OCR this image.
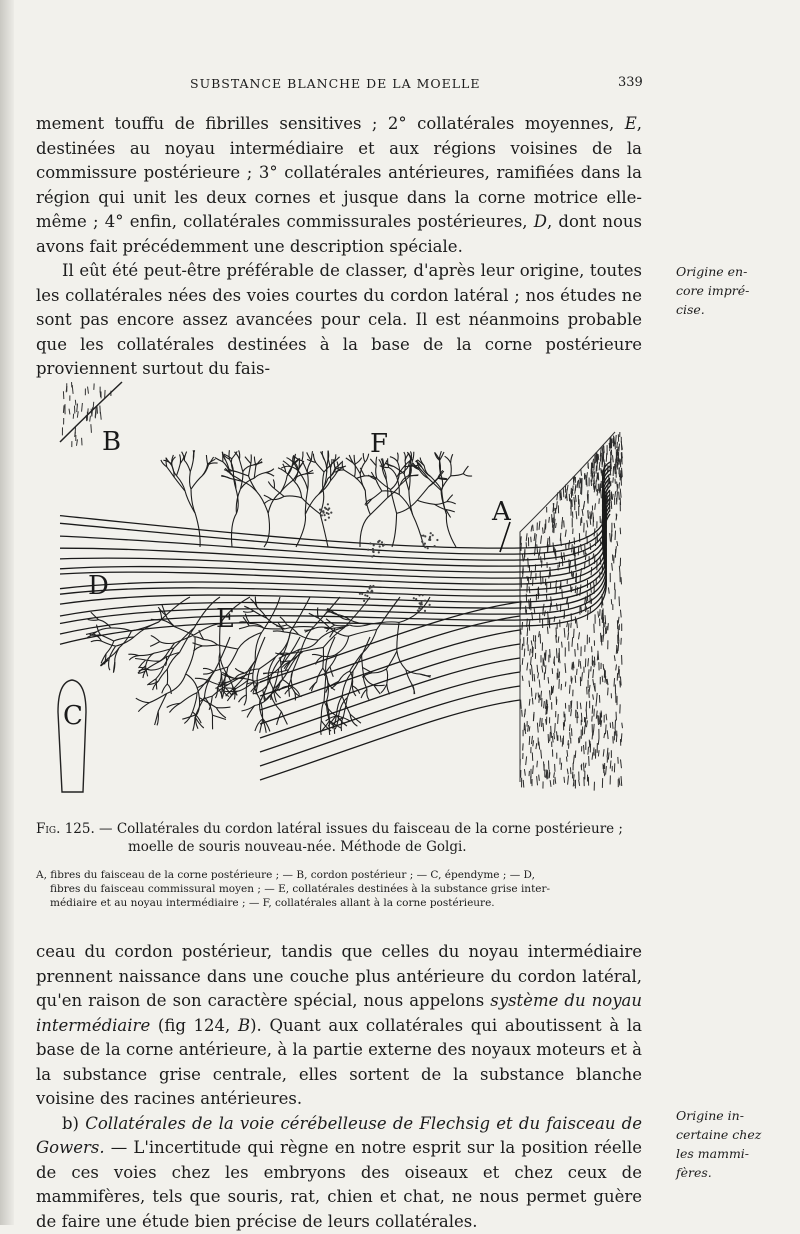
SUBSTANCE BLANCHE DE LA MOELLE	339

mement touffu de fibrilles sensitives ; 2° collatérales moyennes, E, destinées au noyau intermédiaire et aux régions voisines de la commissure postérieure ; 3° collatérales antérieures, ramifiées dans la région qui unit les deux cornes et jusque dans la corne motrice elle-même ; 4° enfin, collatérales commissurales postérieures, D, dont nous avons fait précédemment une description spéciale.

Il eût été peut-être préférable de classer, d'après leur origine, toutes les collatérales nées des voies courtes du cordon latéral ; nos études ne sont pas encore assez avancées pour cela. Il est néanmoins probable que les collatérales destinées à la base de la corne postérieure proviennent surtout du fais-

Origine en-
core impré-
cise.
A
B
C
D
E
F
Fig. 125. — Collatérales du cordon latéral issues du faisceau de la corne postérieure ;
moelle de souris nouveau-née. Méthode de Golgi.
A, fibres du faisceau de la corne postérieure ; — B, cordon postérieur ; — C, épendyme ; — D,
fibres du faisceau commissural moyen ; — E, collatérales destinées à la substance grise inter-
médiaire et au noyau intermédiaire ; — F, collatérales allant à la corne postérieure.

ceau du cordon postérieur, tandis que celles du noyau intermédiaire prennent naissance dans une couche plus antérieure du cordon latéral, qu'en raison de son caractère spécial, nous appelons système du noyau intermédiaire (fig 124, B). Quant aux collatérales qui aboutissent à la base de la corne antérieure, à la partie externe des noyaux moteurs et à la substance grise centrale, elles sortent de la substance blanche voisine des racines antérieures.

b) Collatérales de la voie cérébelleuse de Flechsig et du faisceau de Gowers. — L'incertitude qui règne en notre esprit sur la position réelle de ces voies chez les embryons des oiseaux et chez ceux de mammifères, tels que souris, rat, chien et chat, ne nous permet guère de faire une étude bien précise de leurs collatérales.

Origine in-
certaine chez
les mammi-
fères.
